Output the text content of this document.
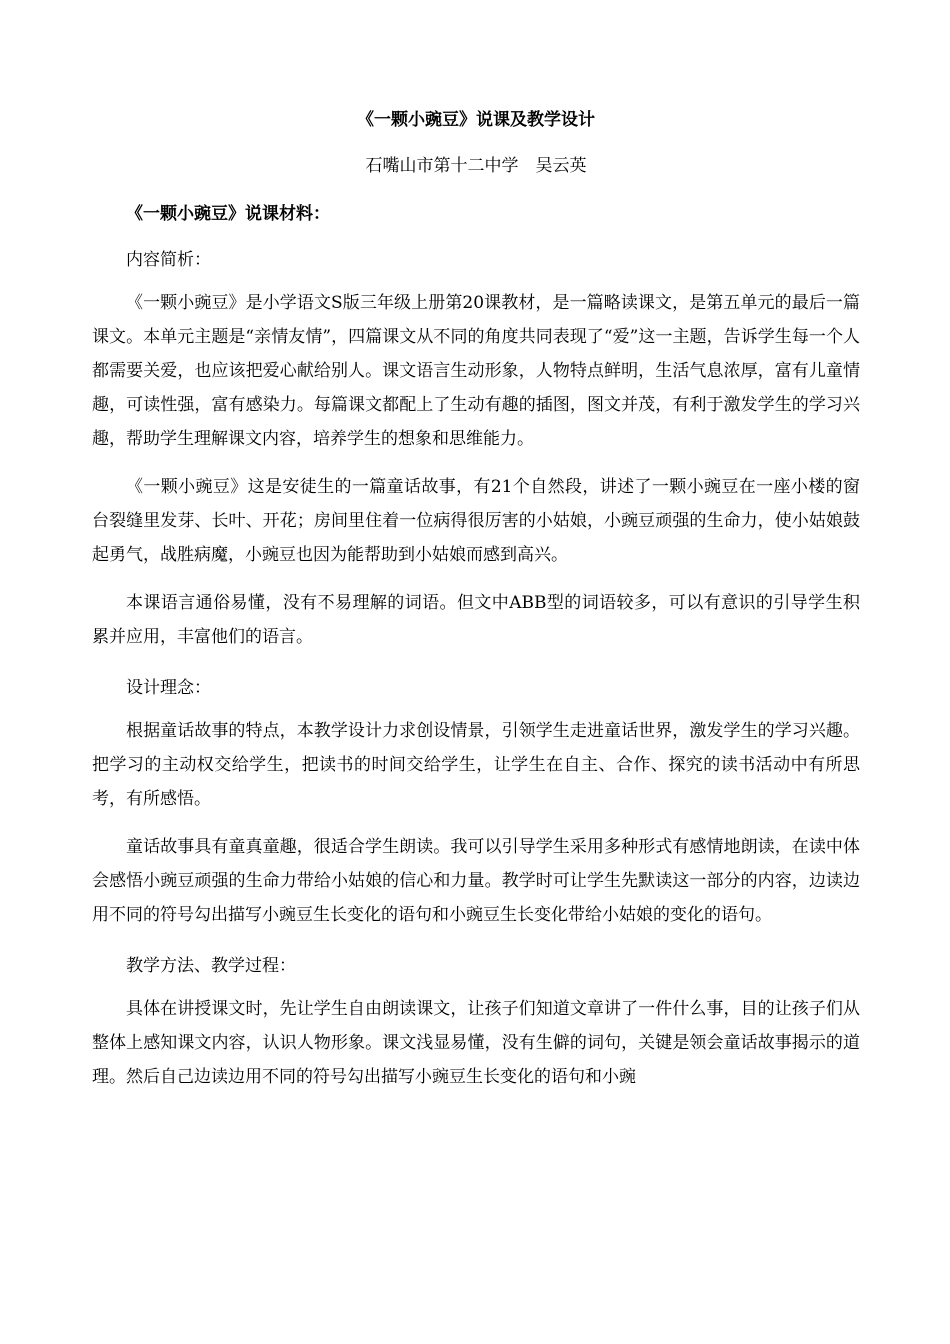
《一颗小豌豆》说课及教学设计

石嘴山市第十二中学　吴云英

《一颗小豌豆》说课材料：

内容简析：

《一颗小豌豆》是小学语文S版三年级上册第20课教材，是一篇略读课文，是第五单元的最后一篇课文。本单元主题是“亲情友情”，四篇课文从不同的角度共同表现了“爱”这一主题，告诉学生每一个人都需要关爱，也应该把爱心献给别人。课文语言生动形象，人物特点鲜明，生活气息浓厚，富有儿童情趣，可读性强，富有感染力。每篇课文都配上了生动有趣的插图，图文并茂，有利于激发学生的学习兴趣，帮助学生理解课文内容，培养学生的想象和思维能力。

《一颗小豌豆》这是安徒生的一篇童话故事，有21个自然段，讲述了一颗小豌豆在一座小楼的窗台裂缝里发芽、长叶、开花；房间里住着一位病得很厉害的小姑娘，小豌豆顽强的生命力，使小姑娘鼓起勇气，战胜病魔，小豌豆也因为能帮助到小姑娘而感到高兴。

本课语言通俗易懂，没有不易理解的词语。但文中ABB型的词语较多，可以有意识的引导学生积累并应用，丰富他们的语言。

设计理念：

根据童话故事的特点，本教学设计力求创设情景，引领学生走进童话世界，激发学生的学习兴趣。把学习的主动权交给学生，把读书的时间交给学生，让学生在自主、合作、探究的读书活动中有所思考，有所感悟。

童话故事具有童真童趣，很适合学生朗读。我可以引导学生采用多种形式有感情地朗读，在读中体会感悟小豌豆顽强的生命力带给小姑娘的信心和力量。教学时可让学生先默读这一部分的内容，边读边用不同的符号勾出描写小豌豆生长变化的语句和小豌豆生长变化带给小姑娘的变化的语句。

教学方法、教学过程：

具体在讲授课文时，先让学生自由朗读课文，让孩子们知道文章讲了一件什么事，目的让孩子们从整体上感知课文内容，认识人物形象。课文浅显易懂，没有生僻的词句，关键是领会童话故事揭示的道理。然后自己边读边用不同的符号勾出描写小豌豆生长变化的语句和小豌
